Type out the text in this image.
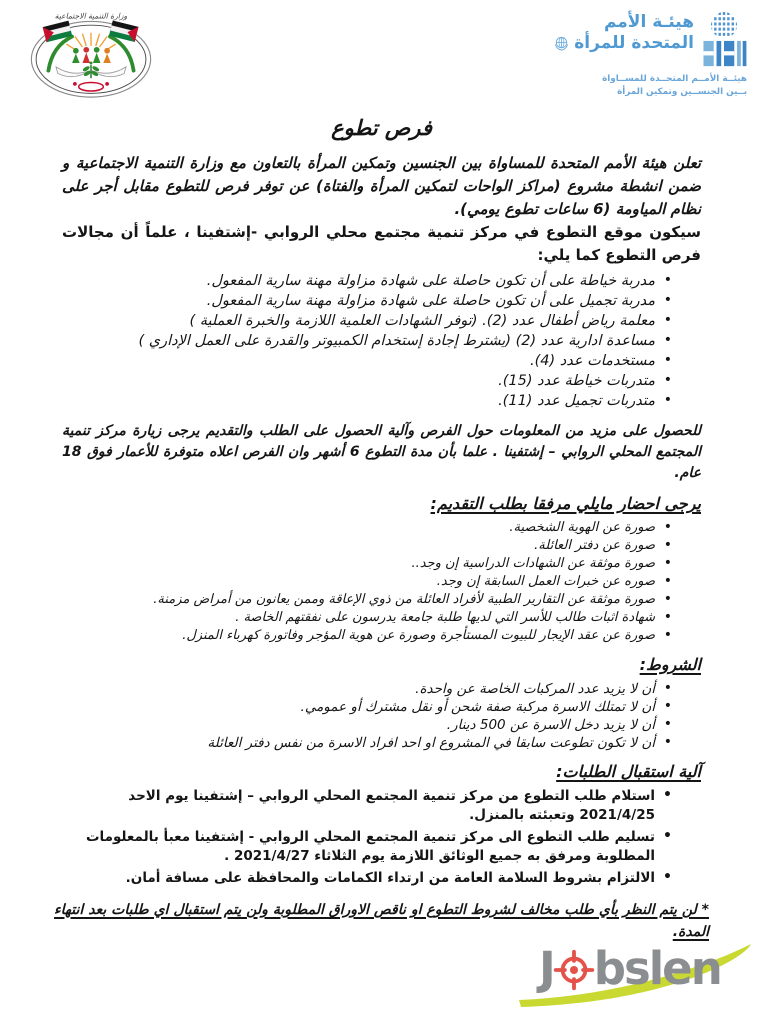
وزارة التنمية الاجتماعية	هيئـة الأمم
المتحدة للمرأة
هيئــة الأمــم المتحــدة للمســاواة
بــين الجنســين وتمكين المرأة
فرص تطوع

تعلن هيئة الأمم المتحدة للمساواة بين الجنسين وتمكين المرأة بالتعاون مع وزارة التنمية الاجتماعية و ضمن انشطة مشروع (مراكز الواحات لتمكين المرأة والفتاة) عن توفر فرص للتطوع مقابل أجر على نظام المياومة (6 ساعات تطوع يومي).

سيكون موقع التطوع في مركز تنمية مجتمع محلي الروابي -إشتفينا ، علماً أن مجالات فرص التطوع كما يلي:

• مدربة خياطة على أن تكون حاصلة على شهادة مزاولة مهنة سارية المفعول.
• مدربة تجميل على أن تكون حاصلة على شهادة مزاولة مهنة سارية المفعول.
• معلمة رياض أطفال عدد (2). (توفر الشهادات العلمية اللازمة والخبرة العملية )
• مساعدة ادارية عدد (2) (يشترط إجادة إستخدام الكمبيوتر والقدرة على العمل الإداري )
• مستخدمات عدد (4).
• متدربات خياطة عدد (15).
• متدربات تجميل عدد (11).

للحصول على مزيد من المعلومات حول الفرص وآلية الحصول على الطلب والتقديم يرجى زيارة مركز تنمية المجتمع المحلي الروابي – إشتفينا . علما بأن مدة التطوع 6 أشهر وان الفرص اعلاه متوفرة للأعمار فوق 18 عام.

يرجى احضار مايلي مرفقا بطلب التقديم:
• صورة عن الهوية الشخصية.
• صورة عن دفتر العائلة.
• صورة موثقة عن الشهادات الدراسية إن وجد..
• صوره عن خبرات العمل السابقة إن وجد.
• صورة موثقة عن التقارير الطبية لأفراد العائلة من ذوي الإعاقة وممن يعانون من أمراض مزمنة.
• شهادة اثبات طالب للأسر التي لديها طلبة جامعة يدرسون على نفقتهم الخاصة .
• صورة عن عقد الإيجار للبيوت المستأجرة وصورة عن هوية المؤجر وفاتورة كهرباء المنزل.
الشروط:
• أن لا يزيد عدد المركبات الخاصة عن واحدة.
• أن لا تمتلك الاسرة مركبة صفة شحن أو نقل مشترك أو عمومي.
• أن لا يزيد دخل الاسرة عن 500 دينار.
• أن لا تكون تطوعت سابقا في المشروع او احد افراد الاسرة من نفس دفتر العائلة
آلية استقبال الطلبات:
• استلام طلب التطوع من مركز تنمية المجتمع المحلي الروابي – إشتفينا يوم الاحد 2021/4/25 وتعبئته بالمنزل.
• تسليم طلب التطوع الى مركز تنمية المجتمع المحلي الروابي - إشتفينا معبأ بالمعلومات المطلوبة ومرفق به جميع الوثائق اللازمة يوم الثلاثاء 2021/4/27 .
• الالتزام بشروط السلامة العامة من ارتداء الكمامات والمحافظة على مسافة أمان.

* لن يتم النظر بأي طلب مخالف لشروط التطوع او ناقص الاوراق المطلوبة ولن يتم استقبال اي طلبات بعد انتهاء المدة.

J bslen
